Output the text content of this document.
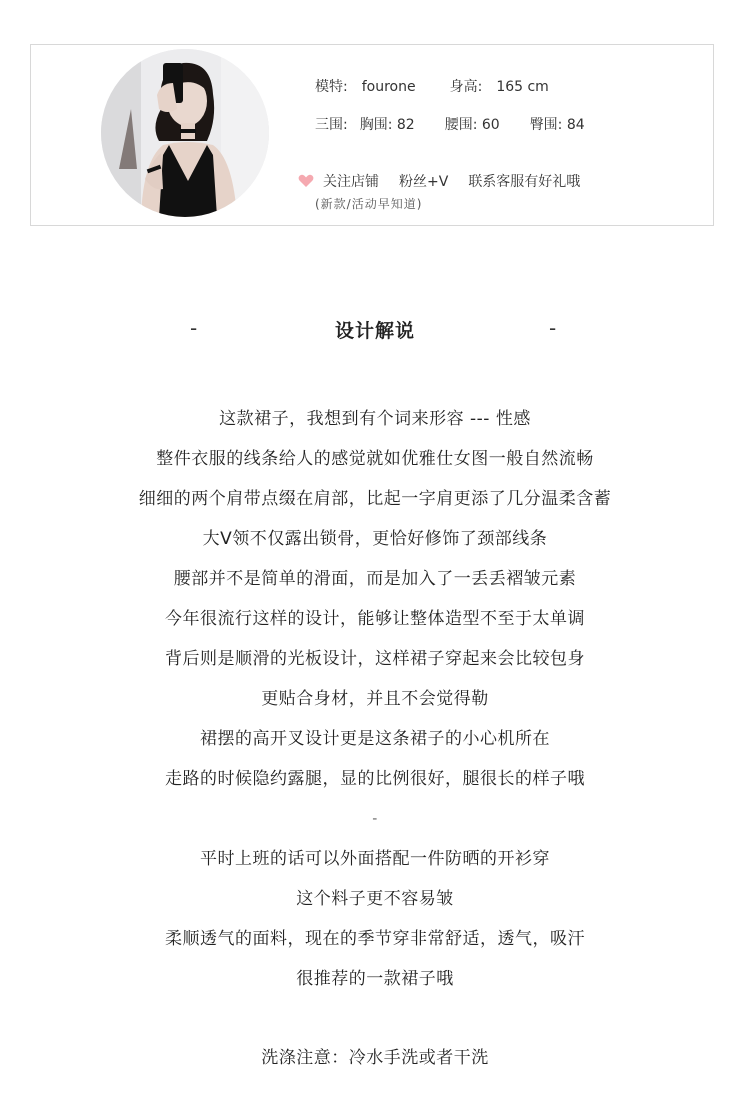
模特: fourone 身高: 165 cm
三围: 胸围: 82 腰围: 60 臀围: 84
关注店铺 粉丝+V 联系客服有好礼哦
(新款/活动早知道)
-	设计解说	-
这款裙子，我想到有个词来形容 --- 性感
整件衣服的线条给人的感觉就如优雅仕女图一般自然流畅
细细的两个肩带点缀在肩部，比起一字肩更添了几分温柔含蓄
大V领不仅露出锁骨，更恰好修饰了颈部线条
腰部并不是简单的滑面，而是加入了一丢丢褶皱元素
今年很流行这样的设计，能够让整体造型不至于太单调
背后则是顺滑的光板设计，这样裙子穿起来会比较包身
更贴合身材，并且不会觉得勒
裙摆的高开叉设计更是这条裙子的小心机所在
走路的时候隐约露腿，显的比例很好，腿很长的样子哦
-
平时上班的话可以外面搭配一件防晒的开衫穿
这个料子更不容易皱
柔顺透气的面料，现在的季节穿非常舒适，透气，吸汗
很推荐的一款裙子哦
洗涤注意：冷水手洗或者干洗
